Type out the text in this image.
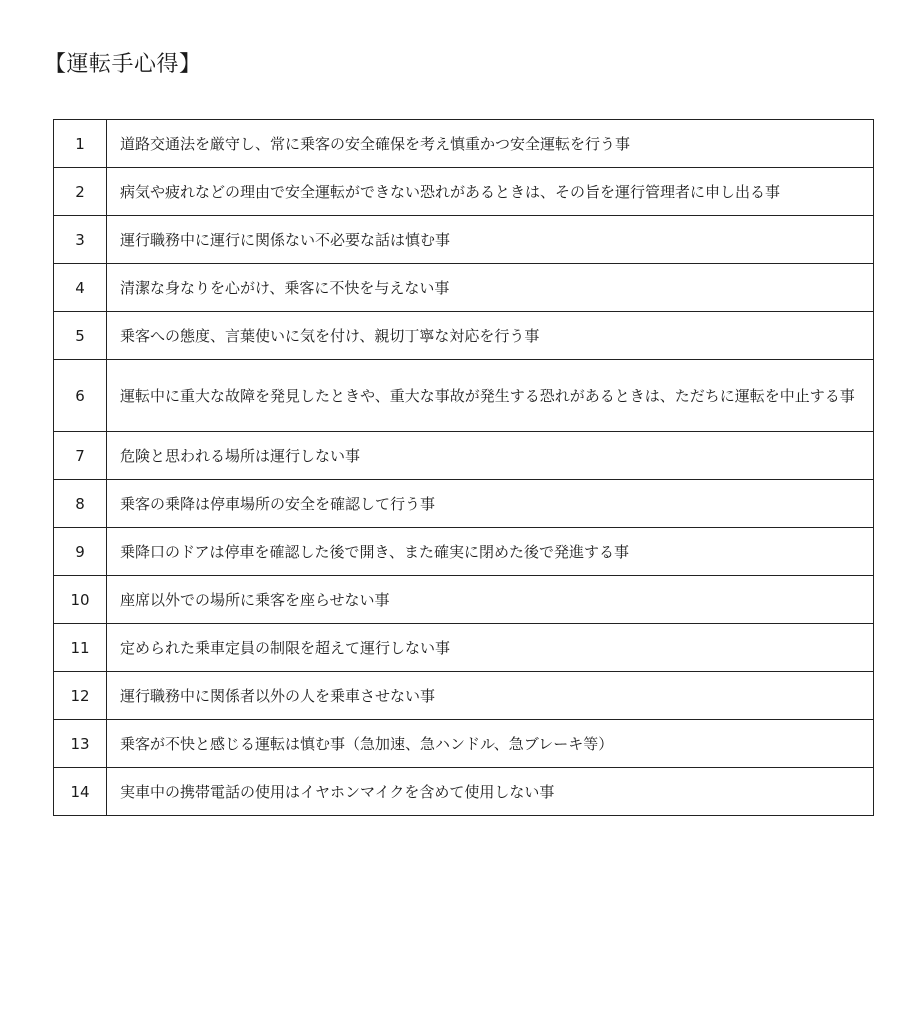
【運転手心得】
1	道路交通法を厳守し、常に乗客の安全確保を考え慎重かつ安全運転を行う事
2	病気や疲れなどの理由で安全運転ができない恐れがあるときは、その旨を運行管理者に申し出る事
3	運行職務中に運行に関係ない不必要な話は慎む事
4	清潔な身なりを心がけ、乗客に不快を与えない事
5	乗客への態度、言葉使いに気を付け、親切丁寧な対応を行う事
6	運転中に重大な故障を発見したときや、重大な事故が発生する恐れがあるときは、ただちに運転を中止する事
7	危険と思われる場所は運行しない事
8	乗客の乗降は停車場所の安全を確認して行う事
9	乗降口のドアは停車を確認した後で開き、また確実に閉めた後で発進する事
10	座席以外での場所に乗客を座らせない事
11	定められた乗車定員の制限を超えて運行しない事
12	運行職務中に関係者以外の人を乗車させない事
13	乗客が不快と感じる運転は慎む事（急加速、急ハンドル、急ブレーキ等）
14	実車中の携帯電話の使用はイヤホンマイクを含めて使用しない事
